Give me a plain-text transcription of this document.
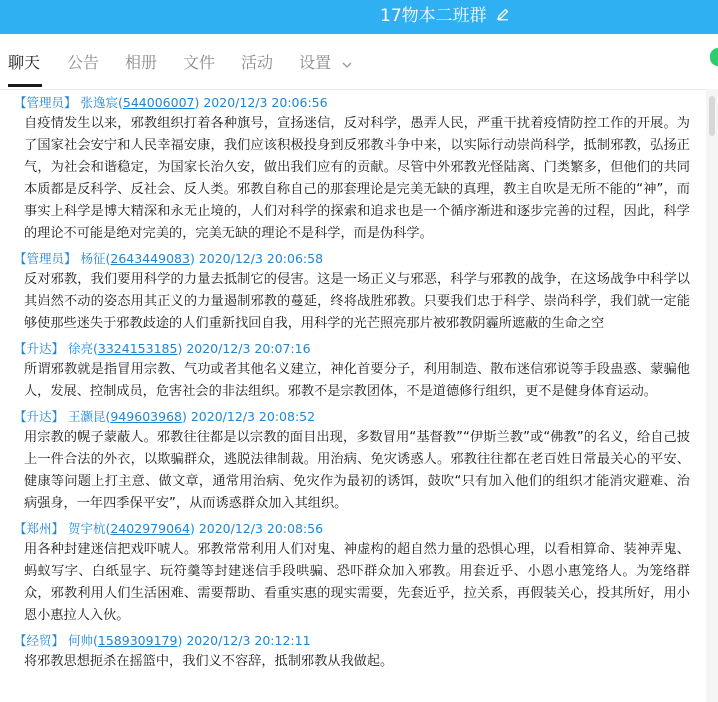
17物本二班群
聊天 公告 相册 文件 活动 设置
【管理员】 张逸宸(544006007) 2020/12/3 20:06:56
自疫情发生以来，邪教组织打着各种旗号，宣扬迷信，反对科学，愚弄人民，严重干扰着疫情防控工作的开展。为了国家社会安宁和人民幸福安康，我们应该积极投身到反邪教斗争中来，以实际行动崇尚科学，抵制邪教，弘扬正气，为社会和谐稳定，为国家长治久安，做出我们应有的贡献。尽管中外邪教光怪陆离、门类繁多，但他们的共同本质都是反科学、反社会、反人类。邪教自称自己的那套理论是完美无缺的真理，教主自吹是无所不能的“神”，而事实上科学是博大精深和永无止境的，人们对科学的探索和追求也是一个循序渐进和逐步完善的过程，因此，科学的理论不可能是绝对完美的，完美无缺的理论不是科学，而是伪科学。
【管理员】 杨征(2643449083) 2020/12/3 20:06:58
反对邪教，我们要用科学的力量去抵制它的侵害。这是一场正义与邪恶，科学与邪教的战争，在这场战争中科学以其岿然不动的姿态用其正义的力量遏制邪教的蔓延，终将战胜邪教。只要我们忠于科学、崇尚科学，我们就一定能够使那些迷失于邪教歧途的人们重新找回自我，用科学的光芒照亮那片被邪教阴霾所遮蔽的生命之空
【升达】 徐亮(3324153185) 2020/12/3 20:07:16
所谓邪教就是指冒用宗教、气功或者其他名义建立，神化首要分子，利用制造、散布迷信邪说等手段蛊惑、蒙骗他人，发展、控制成员，危害社会的非法组织。邪教不是宗教团体，不是道德修行组织，更不是健身体育运动。
【升达】 王灏昆(949603968) 2020/12/3 20:08:52
用宗教的幌子蒙蔽人。邪教往往都是以宗教的面目出现，多数冒用“基督教”“伊斯兰教”或“佛教”的名义，给自己披上一件合法的外衣，以欺骗群众，逃脱法律制裁。用治病、免灾诱惑人。邪教往往都在老百姓日常最关心的平安、健康等问题上打主意、做文章，通常用治病、免灾作为最初的诱饵，鼓吹“只有加入他们的组织才能消灾避难、治病强身，一年四季保平安”，从而诱惑群众加入其组织。
【郑州】 贺宇杭(2402979064) 2020/12/3 20:08:56
用各种封建迷信把戏吓唬人。邪教常常利用人们对鬼、神虚构的超自然力量的恐惧心理，以看相算命、装神弄鬼、蚂蚁写字、白纸显字、玩符羹等封建迷信手段哄骗、恐吓群众加入邪教。用套近乎、小恩小惠笼络人。为笼络群众，邪教利用人们生活困难、需要帮助、看重实惠的现实需要，先套近乎，拉关系，再假装关心，投其所好，用小恩小惠拉人入伙。
【经贸】 何帅(1589309179) 2020/12/3 20:12:11
将邪教思想扼杀在摇篮中，我们义不容辞，抵制邪教从我做起。
